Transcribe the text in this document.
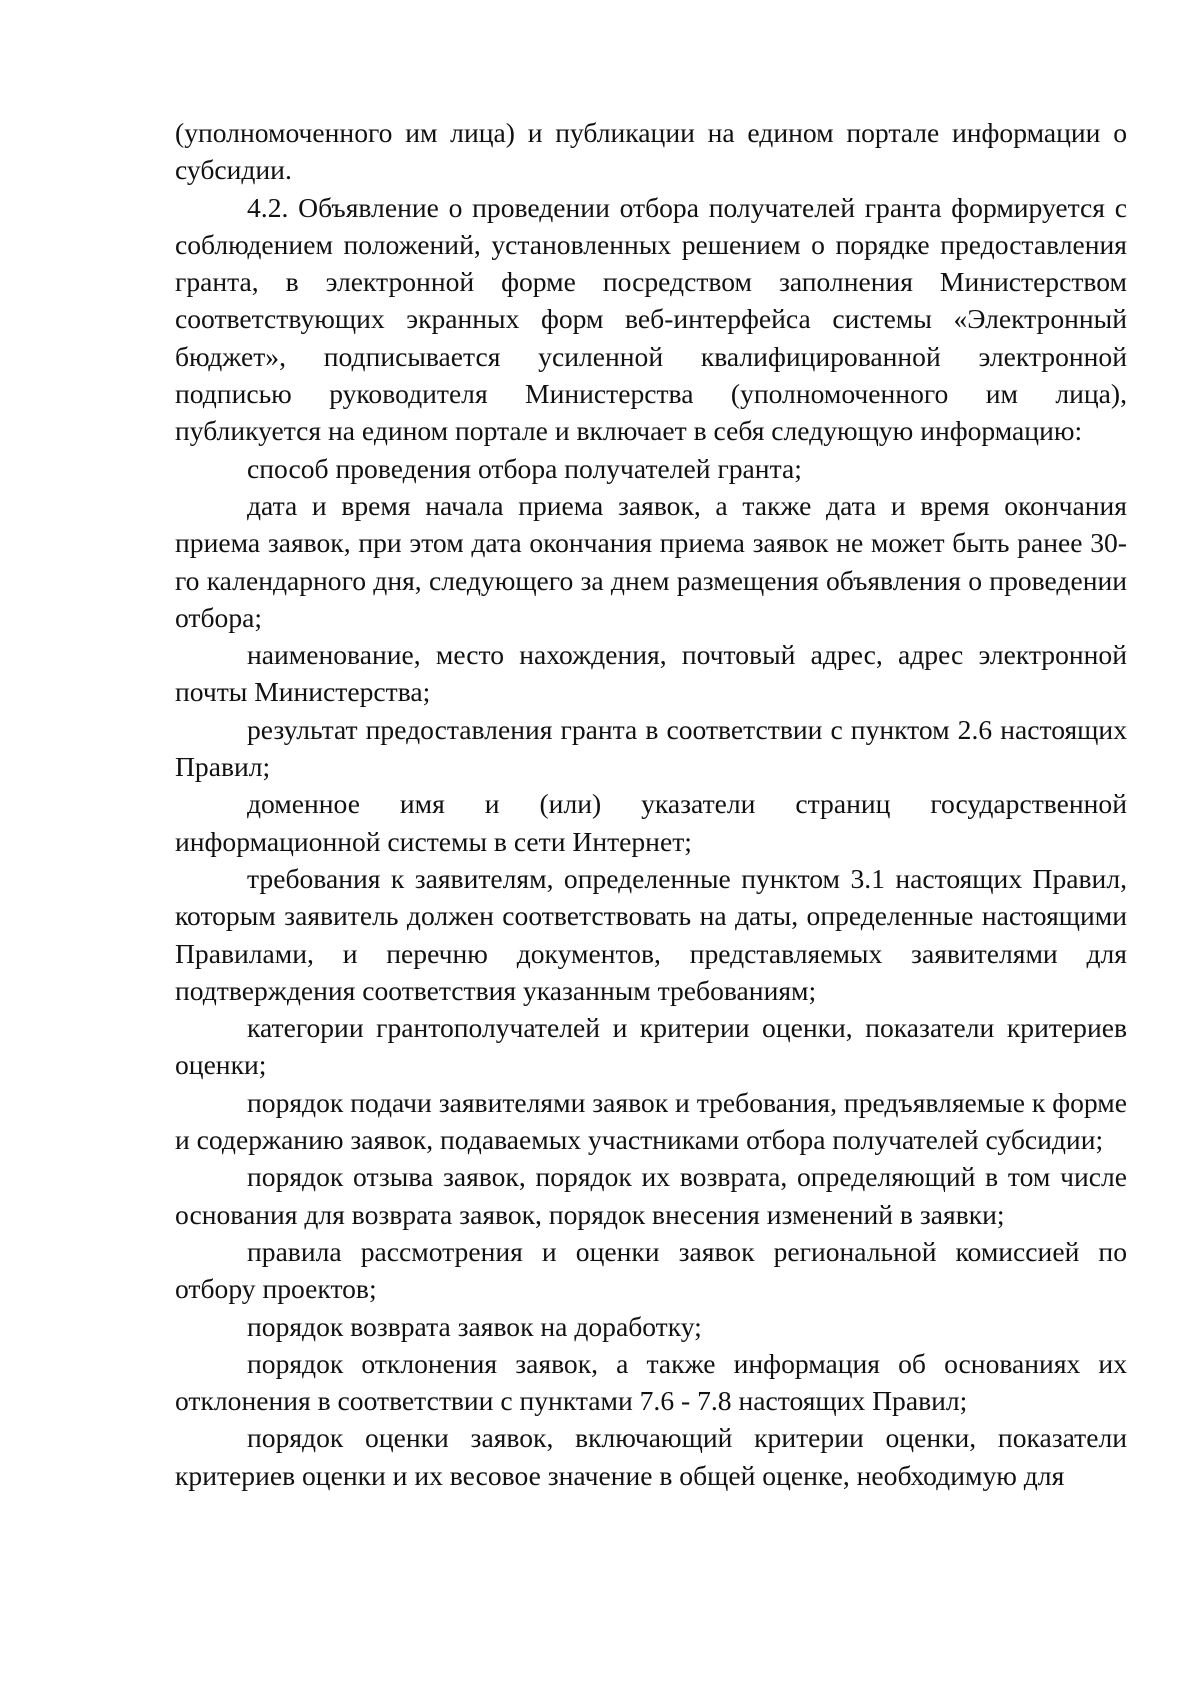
(уполномоченного им лица) и публикации на едином портале информации о субсидии.

4.2. Объявление о проведении отбора получателей гранта формируется с соблюдением положений, установленных решением о порядке предоставления гранта, в электронной форме посредством заполнения Министерством соответствующих экранных форм веб-интерфейса системы «Электронный бюджет», подписывается усиленной квалифицированной электронной подписью руководителя Министерства (уполномоченного им лица), публикуется на едином портале и включает в себя следующую информацию:

способ проведения отбора получателей гранта;

дата и время начала приема заявок, а также дата и время окончания приема заявок, при этом дата окончания приема заявок не может быть ранее 30-го календарного дня, следующего за днем размещения объявления о проведении отбора;

наименование, место нахождения, почтовый адрес, адрес электронной почты Министерства;

результат предоставления гранта в соответствии с пунктом 2.6 настоящих Правил;

доменное имя и (или) указатели страниц государственной информационной системы в сети Интернет;

требования к заявителям, определенные пунктом 3.1 настоящих Правил, которым заявитель должен соответствовать на даты, определенные настоящими Правилами, и перечню документов, представляемых заявителями для подтверждения соответствия указанным требованиям;

категории грантополучателей и критерии оценки, показатели критериев оценки;

порядок подачи заявителями заявок и требования, предъявляемые к форме и содержанию заявок, подаваемых участниками отбора получателей субсидии;

порядок отзыва заявок, порядок их возврата, определяющий в том числе основания для возврата заявок, порядок внесения изменений в заявки;

правила рассмотрения и оценки заявок региональной комиссией по отбору проектов;

порядок возврата заявок на доработку;

порядок отклонения заявок, а также информация об основаниях их отклонения в соответствии с пунктами 7.6 - 7.8 настоящих Правил;

порядок оценки заявок, включающий критерии оценки, показатели критериев оценки и их весовое значение в общей оценке, необходимую для
